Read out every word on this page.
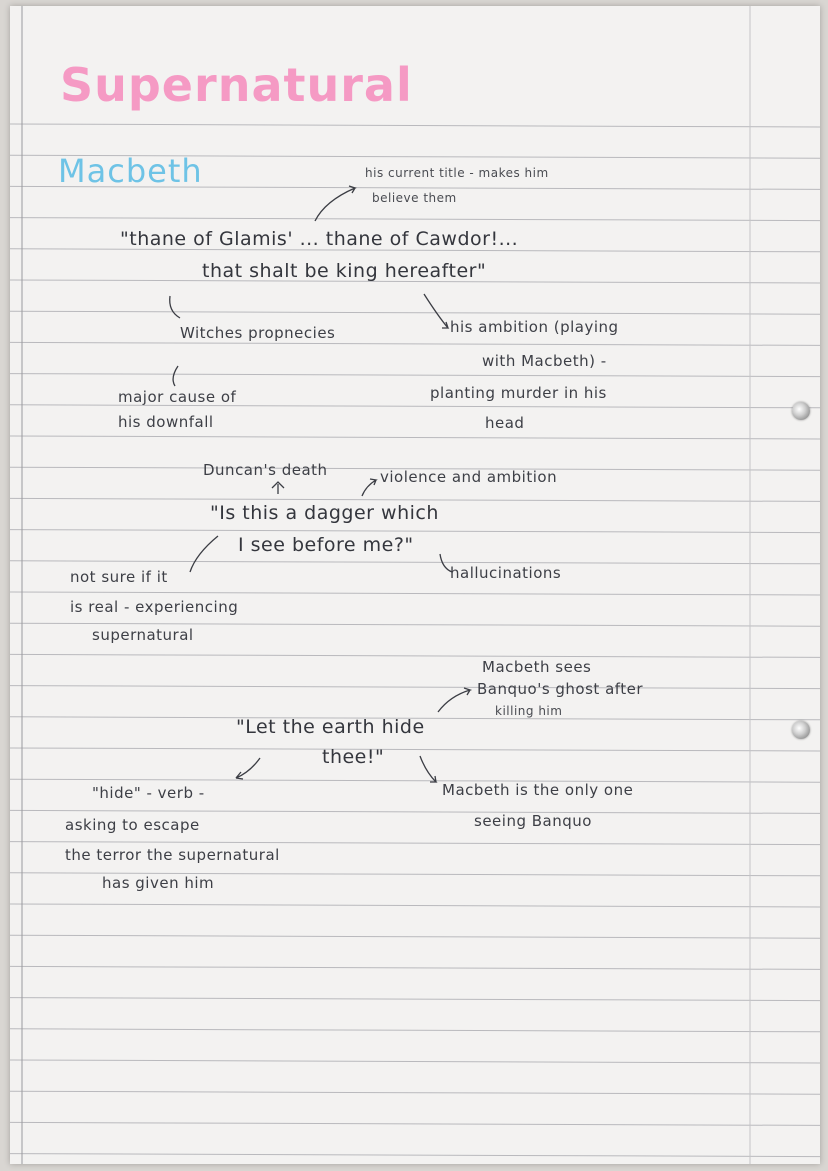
Supernatural
Macbeth	his current title - makes him
believe them
"thane of Glamis' ... thane of Cawdor!...
that shalt be king hereafter"
Witches propnecies	his ambition (playing
with Macbeth) -
planting murder in his
head
major cause of
his downfall
Duncan's death	violence and ambition
"Is this a dagger which
I see before me?"
hallucinations
not sure if it
is real - experiencing
supernatural
Macbeth sees
Banquo's ghost after
killing him
"Let the earth hide
thee!"
"hide" - verb -
asking to escape
the terror the supernatural
has given him
Macbeth is the only one
seeing Banquo
